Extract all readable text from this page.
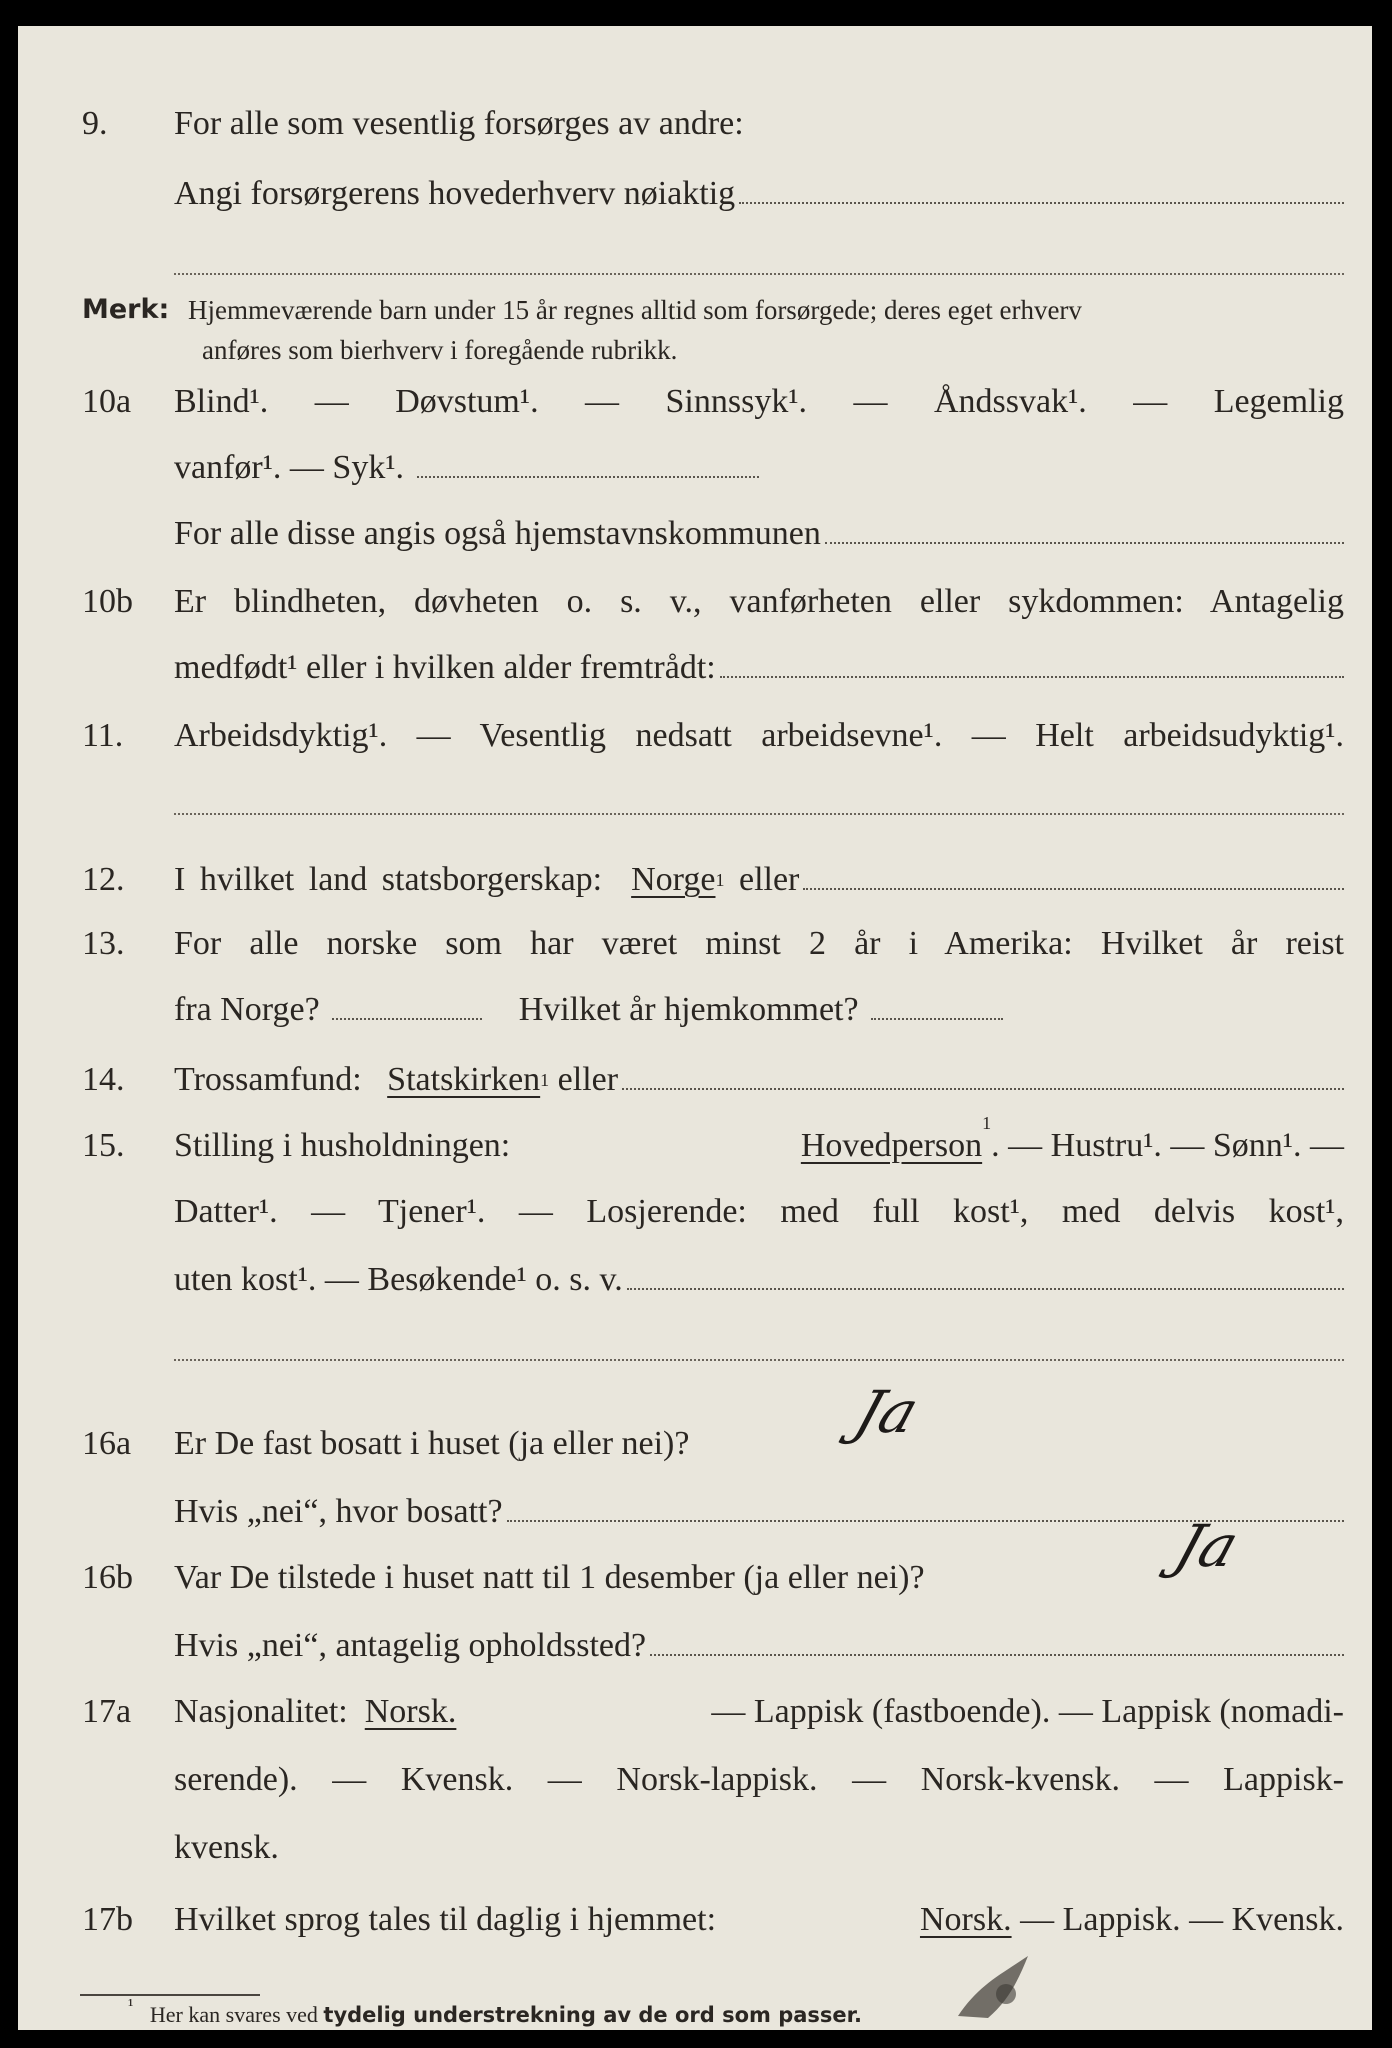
9.	For alle som vesentlig forsørges av andre:
Angi forsørgerens hovederhverv nøiaktig
Merk: Hjemmeværende barn under 15 år regnes alltid som forsørgede; deres eget erhverv
anføres som bierhverv i foregående rubrikk.
10a	Blind¹. — Døvstum¹. — Sinnssyk¹. — Åndssvak¹. — Legemlig
vanfør¹. — Syk¹.
For alle disse angis også hjemstavnskommunen
10b	Er blindheten, døvheten o. s. v., vanførheten eller sykdommen: Antagelig
medfødt¹ eller i hvilken alder fremtrådt:
11.	Arbeidsdyktig¹. — Vesentlig nedsatt arbeidsevne¹. — Helt arbeidsudyktig¹.
12.	I hvilket land statsborgerskap:
Norge$^1$
eller
13.	For alle norske som har været minst 2 år i Amerika: Hvilket år reist
fra Norge?	Hvilket år hjemkommet?
14.	Trossamfund:
Statskirken$^1$
eller
15.	Stilling i husholdningen:	Hovedperson$^1$. — Hustru¹. — Sønn¹. —
Datter¹. — Tjener¹. — Losjerende: med full kost¹, med delvis kost¹,
uten kost¹. — Besøkende¹ o. s. v.
16a	Er De fast bosatt i huset (ja eller nei)?	Ja
Hvis „nei“, hvor bosatt?
16b	Var De tilstede i huset natt til 1 desember (ja eller nei)?	Ja
Hvis „nei“, antagelig opholdssted?
17a	Nasjonalitet: Norsk.	— Lappisk (fastboende). — Lappisk (nomadi-
serende). — Kvensk. — Norsk-lappisk. — Norsk-kvensk. — Lappisk-
kvensk.
17b	Hvilket sprog tales til daglig i hjemmet:	Norsk. — Lappisk. — Kvensk.
$^{^1}$ Her kan svares ved tydelig understrekning av de ord som passer.
